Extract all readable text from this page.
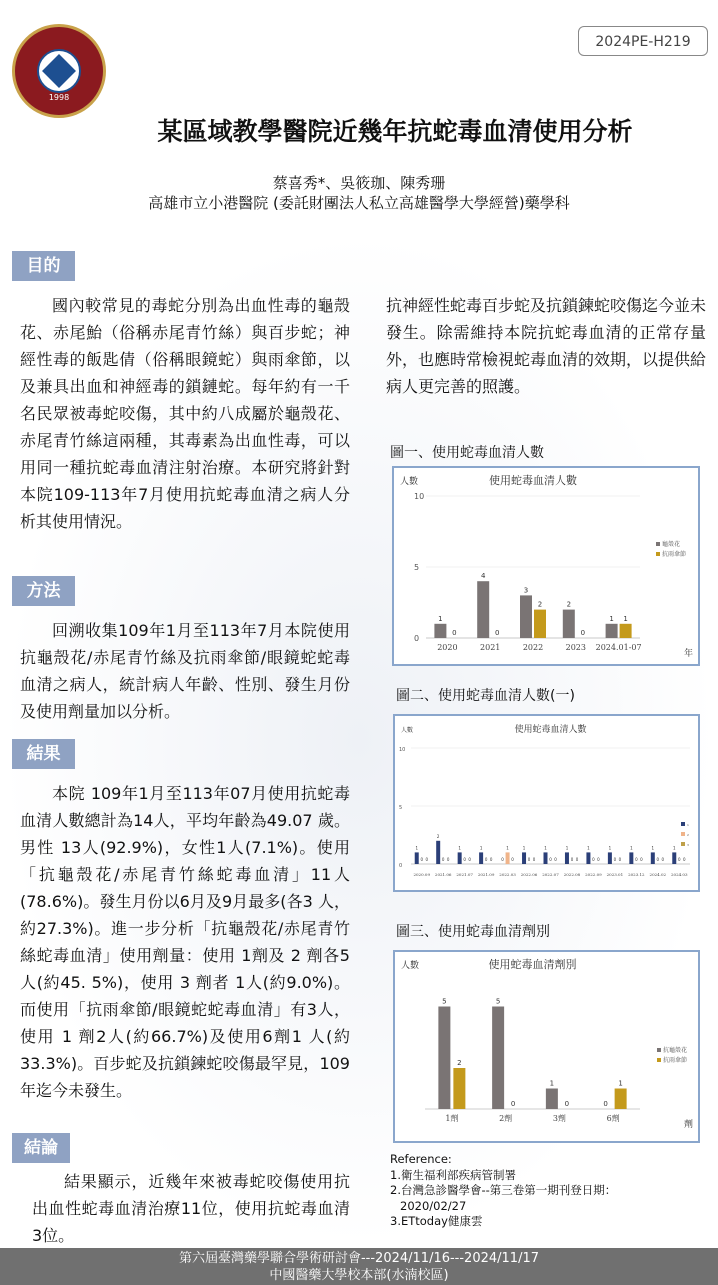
1998
2024PE-H219
某區域教學醫院近幾年抗蛇毒血清使用分析
蔡喜秀*、吳筱珈、陳秀珊
高雄市立小港醫院 (委託財團法人私立高雄醫學大學經營)藥學科
目的
國內較常見的毒蛇分別為出血性毒的龜殼花、赤尾鮐（俗稱赤尾青竹絲）與百步蛇；神經性毒的飯匙倩（俗稱眼鏡蛇）與雨傘節，以及兼具出血和神經毒的鎖鏈蛇。每年約有一千名民眾被毒蛇咬傷，其中約八成屬於龜殼花、赤尾青竹絲這兩種，其毒素為出血性毒，可以用同一種抗蛇毒血清注射治療。本研究將針對本院109-113年7月使用抗蛇毒血清之病人分析其使用情況。
方法
回溯收集109年1月至113年7月本院使用抗龜殼花/赤尾青竹絲及抗雨傘節/眼鏡蛇蛇毒血清之病人，統計病人年齡、性別、發生月份及使用劑量加以分析。
結果
本院 109年1月至113年07月使用抗蛇毒血清人數總計為14人，平均年齡為49.07 歲。男性 13人(92.9%)，女性1人(7.1%)。使用「抗龜殼花/赤尾青竹絲蛇毒血清」11人(78.6%)。發生月份以6月及9月最多(各3 人，約27.3%)。進一步分析「抗龜殼花/赤尾青竹絲蛇毒血清」使用劑量：使用 1劑及 2 劑各5人(約45. 5%)，使用 3 劑者 1人(約9.0%)。而使用「抗雨傘節/眼鏡蛇蛇毒血清」有3人，使用 1 劑2人(約66.7%)及使用6劑1 人(約33.3%)。百步蛇及抗鎖鍊蛇咬傷最罕見，109年迄今未發生。
結論
結果顯示，近幾年來被毒蛇咬傷使用抗出血性蛇毒血清治療11位，使用抗蛇毒血清3位。
抗神經性蛇毒百步蛇及抗鎖鍊蛇咬傷迄今並未發生。除需維持本院抗蛇毒血清的正常存量外，也應時常檢視蛇毒血清的效期，以提供給病人更完善的照護。
圖一、使用蛇毒血清人數
使用蛇毒血清人數
人數
年
0
5
10
1
0
2020
4
0
2021
3
2
2022
2
0
2023
1 1
2024.01-07
龜殼花
抗雨傘節
圖二、使用蛇毒血清人數(一)
使用蛇毒血清人數
人數
0
5
10
1
0 0
2020.09
2
0 0
2021.06
1
0 0
2021.07
1
0 0
2021.09
0
1
0
2022.03
1
0 0
2022.06
1
0 0
2022.07
1
0 0
2022.08
1
0 0
2022.09
1
0 0
2023.01
1
0 0
2023.12
1
0 0
2024.02
1
0 0
2024.03
1
2
3
圖三、使用蛇毒血清劑別
使用蛇毒血清劑別
人數
劑
5
2
1劑
5
0
2劑
1
0
3劑
0
1
6劑
抗龜殼花
抗雨傘節
Reference:
1.衛生福利部疾病管制署
2.台灣急診醫學會--第三卷第一期刊登日期：
2020/02/27
3.ETtoday健康雲
第六屆臺灣藥學聯合學術研討會---2024/11/16---2024/11/17
中國醫藥大學校本部(水湳校區)
